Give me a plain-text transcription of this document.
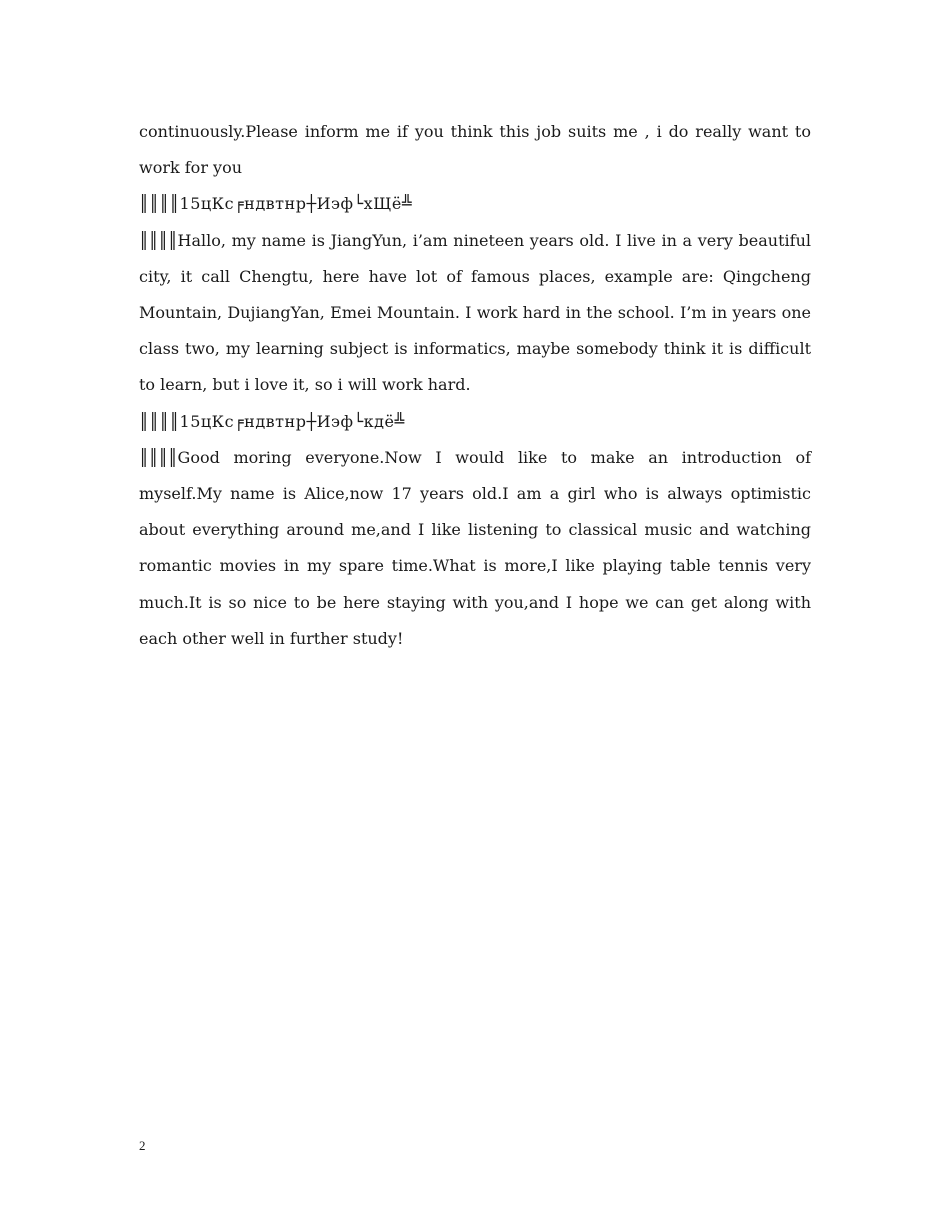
continuously.Please inform me if you think this job suits me , i do really want to work for you

║║║║15цКс╒ндвтнр┼Иэф└хЩё╩

║║║║Hallo, my name is JiangYun, i’am nineteen years old. I live in a very beautiful city, it call Chengtu, here have lot of famous places, example are: Qingcheng Mountain, DujiangYan, Emei Mountain. I work hard in the school. I’m in years one class two, my learning subject is informatics, maybe somebody think it is difficult to learn, but i love it, so i will work hard.

║║║║15цКс╒ндвтнр┼Иэф└кдё╩

║║║║Good moring everyone.Now I would like to make an introduction of myself.My name is Alice,now 17 years old.I am a girl who is always optimistic about everything around me,and I like listening to classical music and watching romantic movies in my spare time.What is more,I like playing table tennis very much.It is so nice to be here staying with you,and I hope we can get along with each other well in further study!

2
